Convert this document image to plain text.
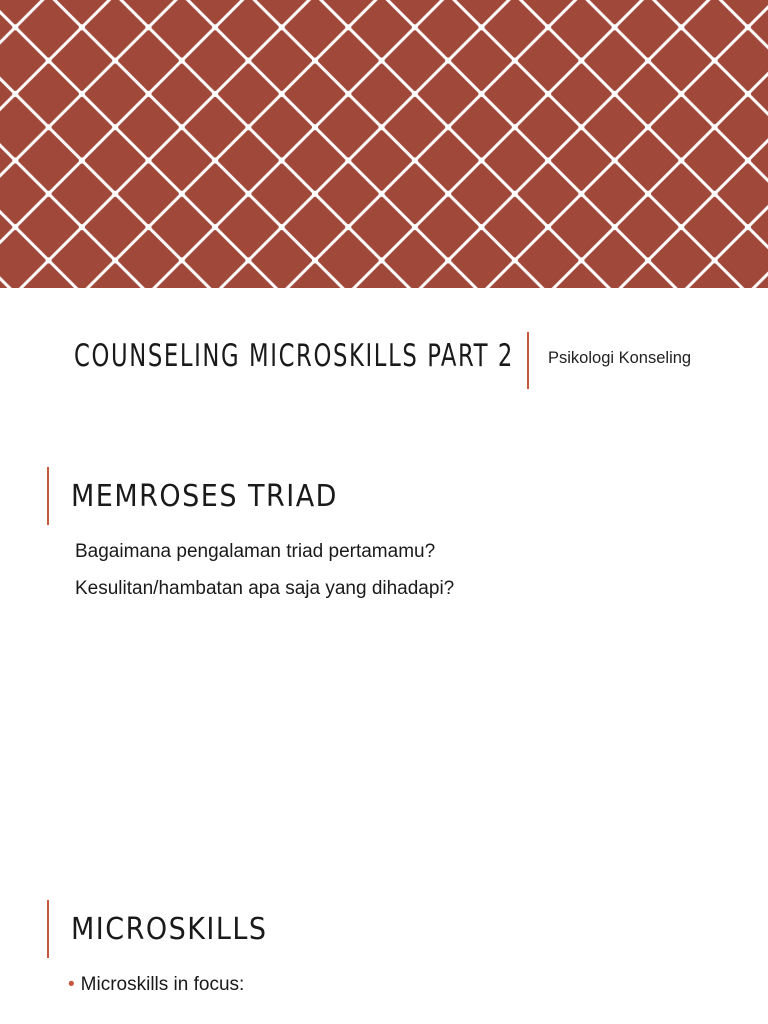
COUNSELING MICROSKILLS PART 2 Psikologi Konseling
MEMROSES TRIAD
Bagaimana pengalaman triad pertamamu?
Kesulitan/hambatan apa saja yang dihadapi?
MICROSKILLS
• Microskills in focus:
